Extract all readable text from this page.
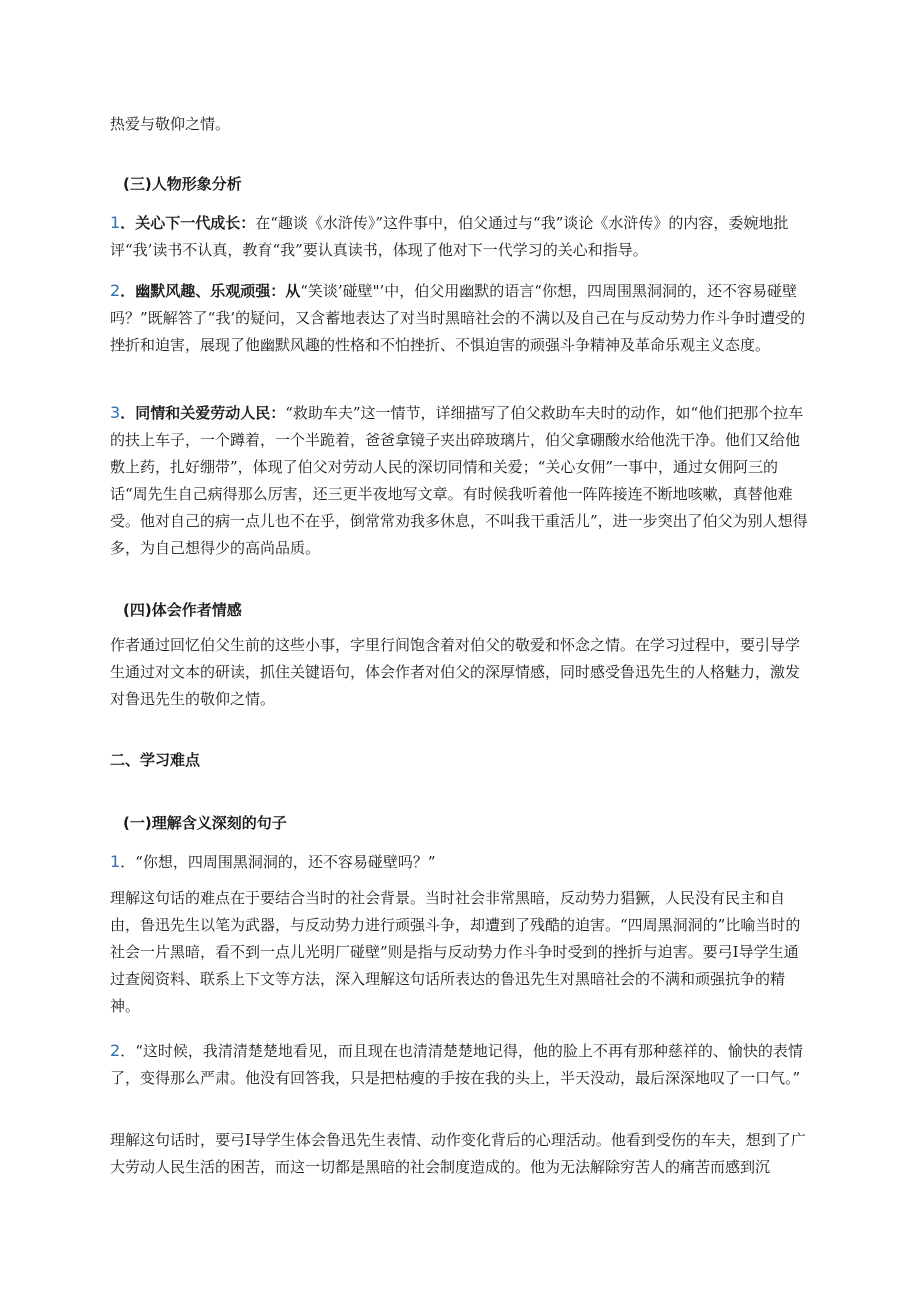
热爱与敬仰之情。

(三)人物形象分析

1．关心下一代成长：在“趣谈《水浒传》”这件事中，伯父通过与“我”谈论《水浒传》的内容，委婉地批评“我’读书不认真，教育“我”要认真读书，体现了他对下一代学习的关心和指导。

2．幽默风趣、乐观顽强：从“笑谈’碰壁"’中，伯父用幽默的语言“你想，四周围黑洞洞的，还不容易碰壁吗？”既解答了“我’的疑问，又含蓄地表达了对当时黑暗社会的不满以及自己在与反动势力作斗争时遭受的挫折和迫害，展现了他幽默风趣的性格和不怕挫折、不惧迫害的顽强斗争精神及革命乐观主义态度。

3．同情和关爱劳动人民：“救助车夫”这一情节，详细描写了伯父救助车夫时的动作，如“他们把那个拉车的扶上车子，一个蹲着，一个半跪着，爸爸拿镜子夹出碎玻璃片，伯父拿硼酸水给他洗干净。他们又给他敷上药，扎好绷带”，体现了伯父对劳动人民的深切同情和关爱；“关心女佣”一事中，通过女佣阿三的话“周先生自己病得那么厉害，还三更半夜地写文章。有时候我听着他一阵阵接连不断地咳嗽，真替他难受。他对自己的病一点儿也不在乎，倒常常劝我多休息，不叫我干重活儿”，进一步突出了伯父为别人想得多，为自己想得少的高尚品质。

(四)体会作者情感

作者通过回忆伯父生前的这些小事，字里行间饱含着对伯父的敬爱和怀念之情。在学习过程中，要引导学生通过对文本的研读，抓住关键语句，体会作者对伯父的深厚情感，同时感受鲁迅先生的人格魅力，激发对鲁迅先生的敬仰之情。

二、学习难点

(一)理解含义深刻的句子

1．“你想，四周围黑洞洞的，还不容易碰壁吗？”

理解这句话的难点在于要结合当时的社会背景。当时社会非常黑暗，反动势力猖獗，人民没有民主和自由，鲁迅先生以笔为武器，与反动势力进行顽强斗争，却遭到了残酷的迫害。“四周黑洞洞的”比喻当时的社会一片黑暗，看不到一点儿光明厂碰壁”则是指与反动势力作斗争时受到的挫折与迫害。要弓I导学生通过查阅资料、联系上下文等方法，深入理解这句话所表达的鲁迅先生对黑暗社会的不满和顽强抗争的精神。

2．“这时候，我清清楚楚地看见，而且现在也清清楚楚地记得，他的脸上不再有那种慈祥的、愉快的表情了，变得那么严肃。他没有回答我，只是把枯瘦的手按在我的头上，半天没动，最后深深地叹了一口气。”

理解这句话时，要弓I导学生体会鲁迅先生表情、动作变化背后的心理活动。他看到受伤的车夫，想到了广大劳动人民生活的困苦，而这一切都是黑暗的社会制度造成的。他为无法解除穷苦人的痛苦而感到沉
